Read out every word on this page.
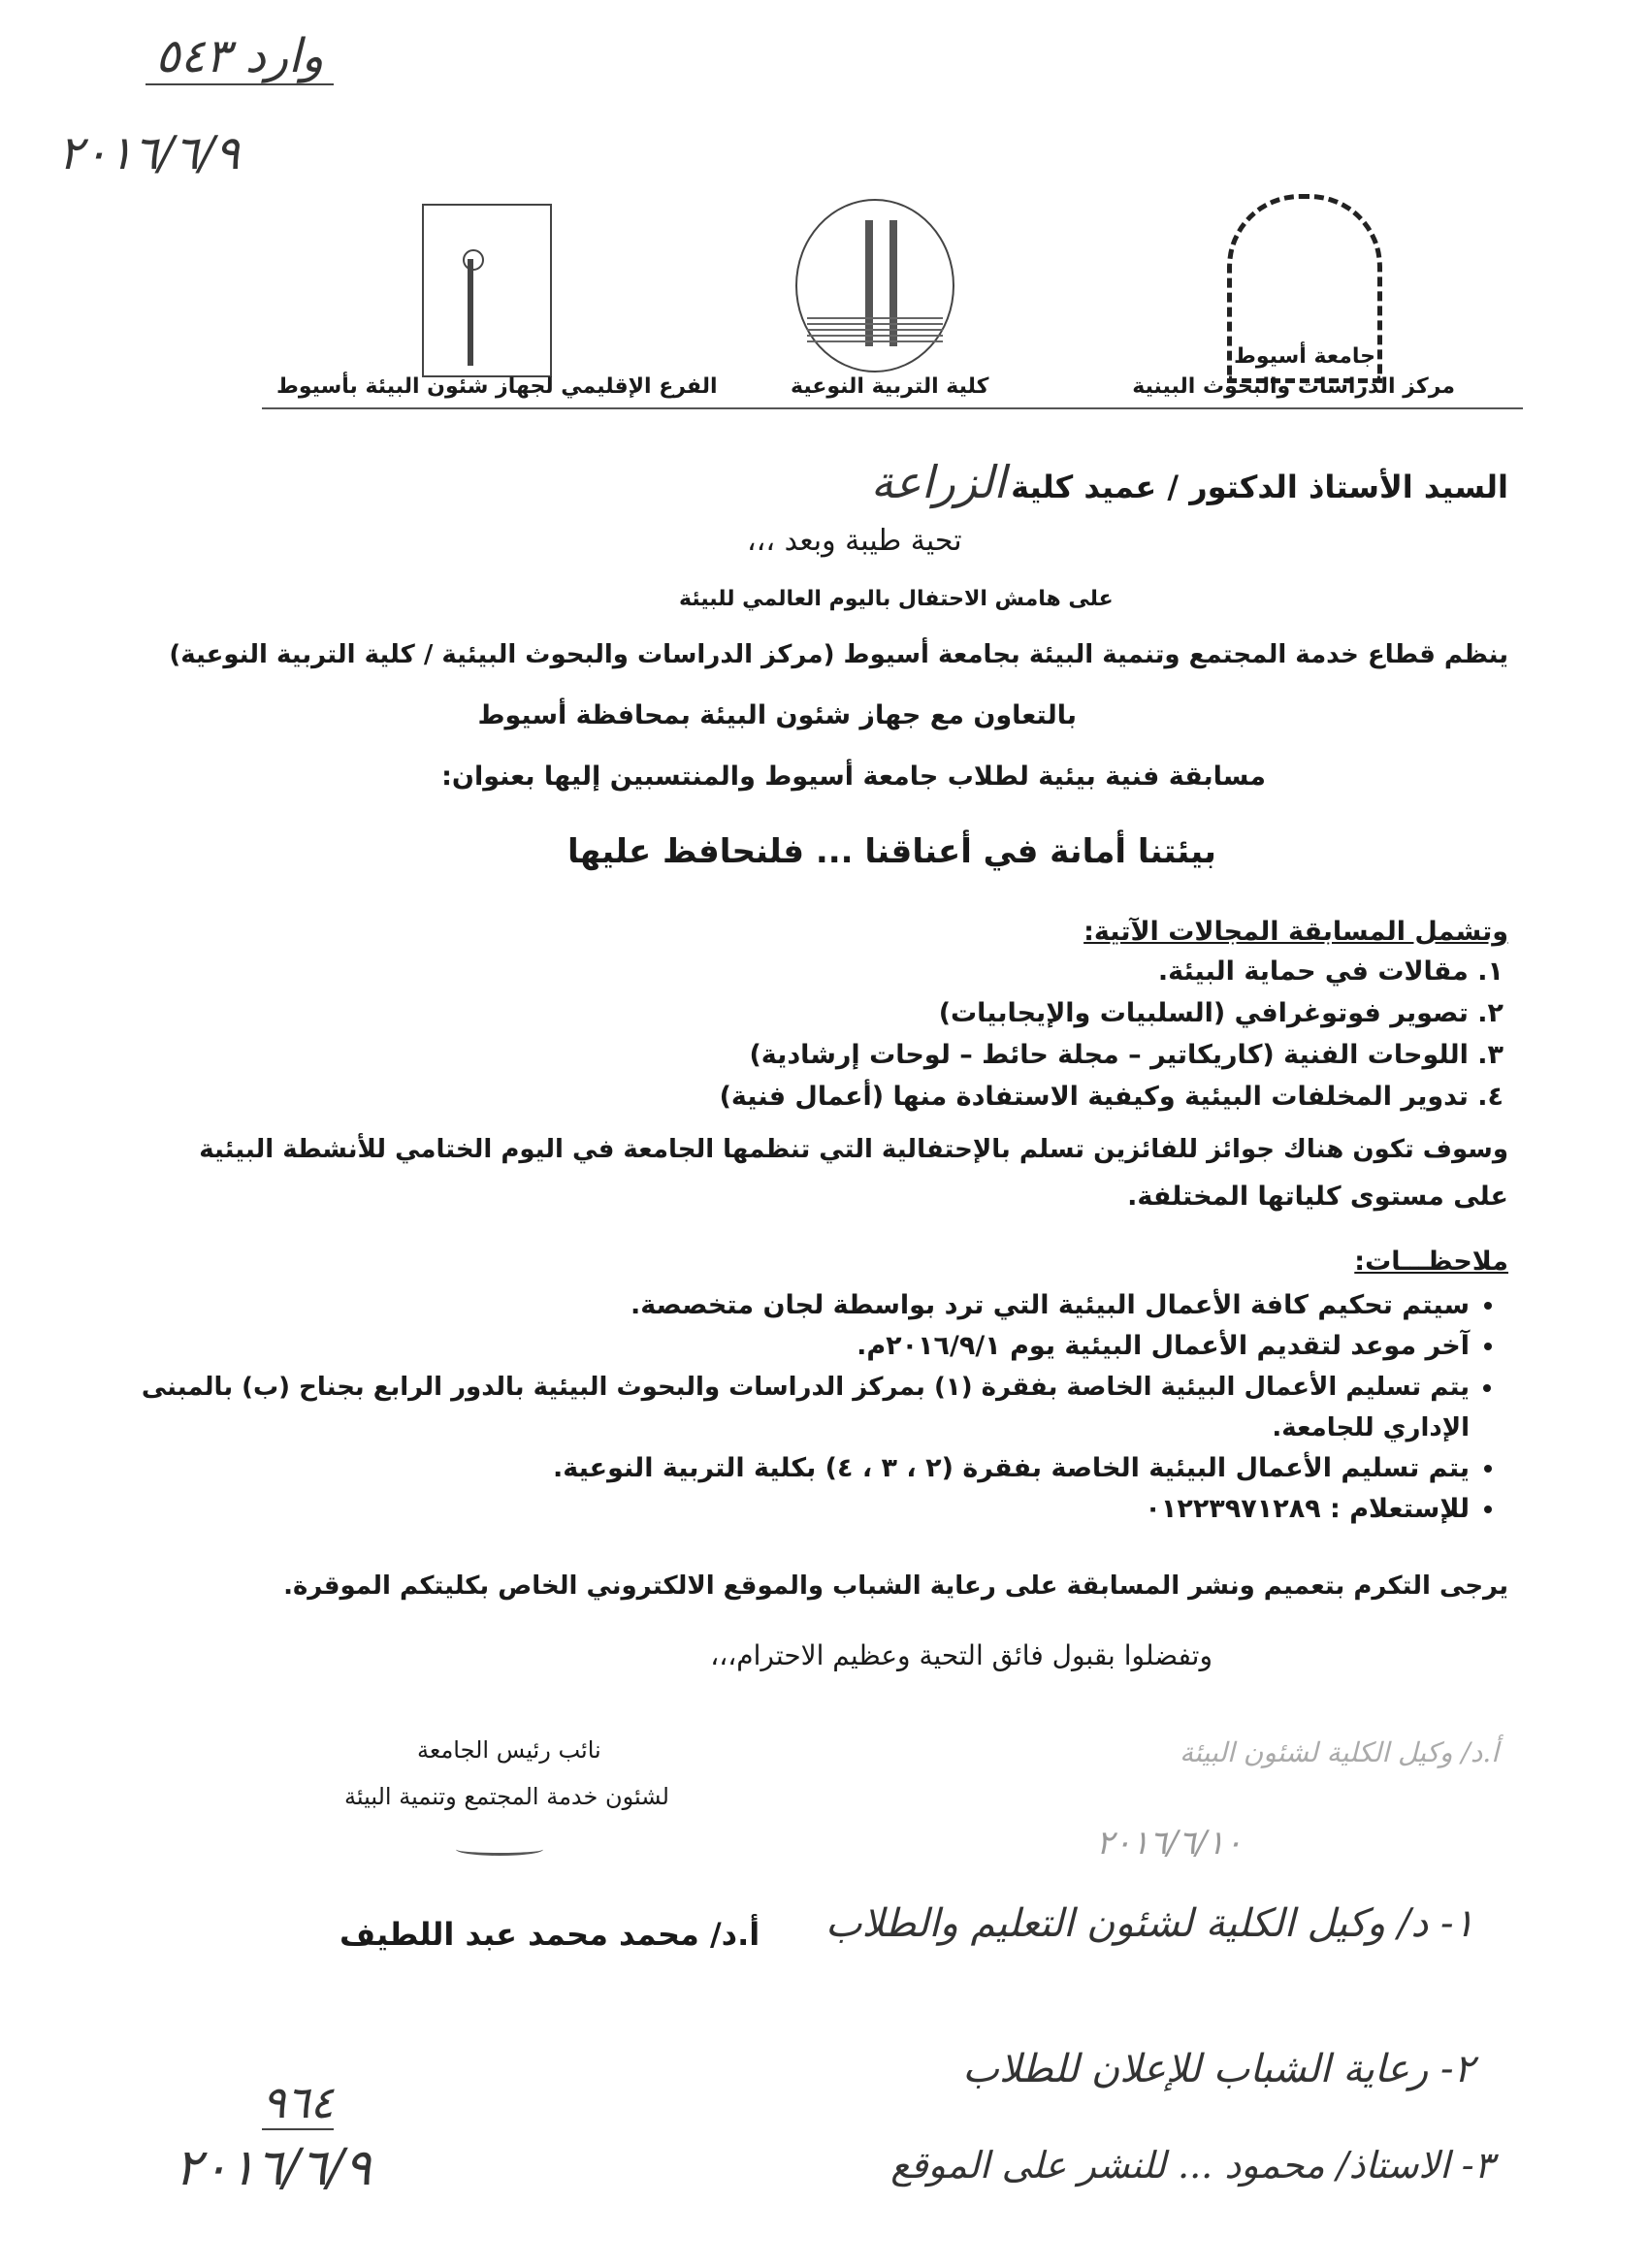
وارد ٥٤٣
٢٠١٦/٦/٩
جامعة أسيوط
مركز الدراسات والبحوث البينية
كلية التربية النوعية
الفرع الإقليمي لجهاز شئون البيئة بأسيوط
السيد الأستاذ الدكتور / عميد كلية الزراعة
تحية طيبة وبعد ،،،
على هامش الاحتفال باليوم العالمي للبيئة
ينظم قطاع خدمة المجتمع وتنمية البيئة بجامعة أسيوط (مركز الدراسات والبحوث البيئية / كلية التربية النوعية)
بالتعاون مع جهاز شئون البيئة بمحافظة أسيوط
مسابقة فنية بيئية لطلاب جامعة أسيوط والمنتسبين إليها بعنوان:
بيئتنا أمانة في أعناقنا ... فلنحافظ عليها
وتشمل المسابقة المجالات الآتية:
١. مقالات في حماية البيئة.
٢. تصوير فوتوغرافي (السلبيات والإيجابيات)
٣. اللوحات الفنية (كاريكاتير – مجلة حائط – لوحات إرشادية)
٤. تدوير المخلفات البيئية وكيفية الاستفادة منها (أعمال فنية)
وسوف تكون هناك جوائز للفائزين تسلم بالإحتفالية التي تنظمها الجامعة في اليوم الختامي للأنشطة البيئية
على مستوى كلياتها المختلفة.
ملاحظـــات:
• سيتم تحكيم كافة الأعمال البيئية التي ترد بواسطة لجان متخصصة.
• آخر موعد لتقديم الأعمال البيئية يوم ٢٠١٦/٩/١م.
• يتم تسليم الأعمال البيئية الخاصة بفقرة (١) بمركز الدراسات والبحوث البيئية بالدور الرابع بجناح (ب) بالمبنى الإداري للجامعة.
• يتم تسليم الأعمال البيئية الخاصة بفقرة (٢ ، ٣ ، ٤) بكلية التربية النوعية.
• للإستعلام : ٠١٢٢٣٩٧١٢٨٩
يرجى التكرم بتعميم ونشر المسابقة على رعاية الشباب والموقع الالكتروني الخاص بكليتكم الموقرة.
وتفضلوا بقبول فائق التحية وعظيم الاحترام،،،
نائب رئيس الجامعة
لشئون خدمة المجتمع وتنمية البيئة
أ.د/ محمد محمد عبد اللطيف
أ.د/ وكيل الكلية لشئون البيئة
٢٠١٦/٦/١٠
١- د/ وكيل الكلية لشئون التعليم والطلاب
٢- رعاية الشباب للإعلان للطلاب
٣- الاستاذ/ محمود ... للنشر على الموقع
٩٦٤
٢٠١٦/٦/٩
